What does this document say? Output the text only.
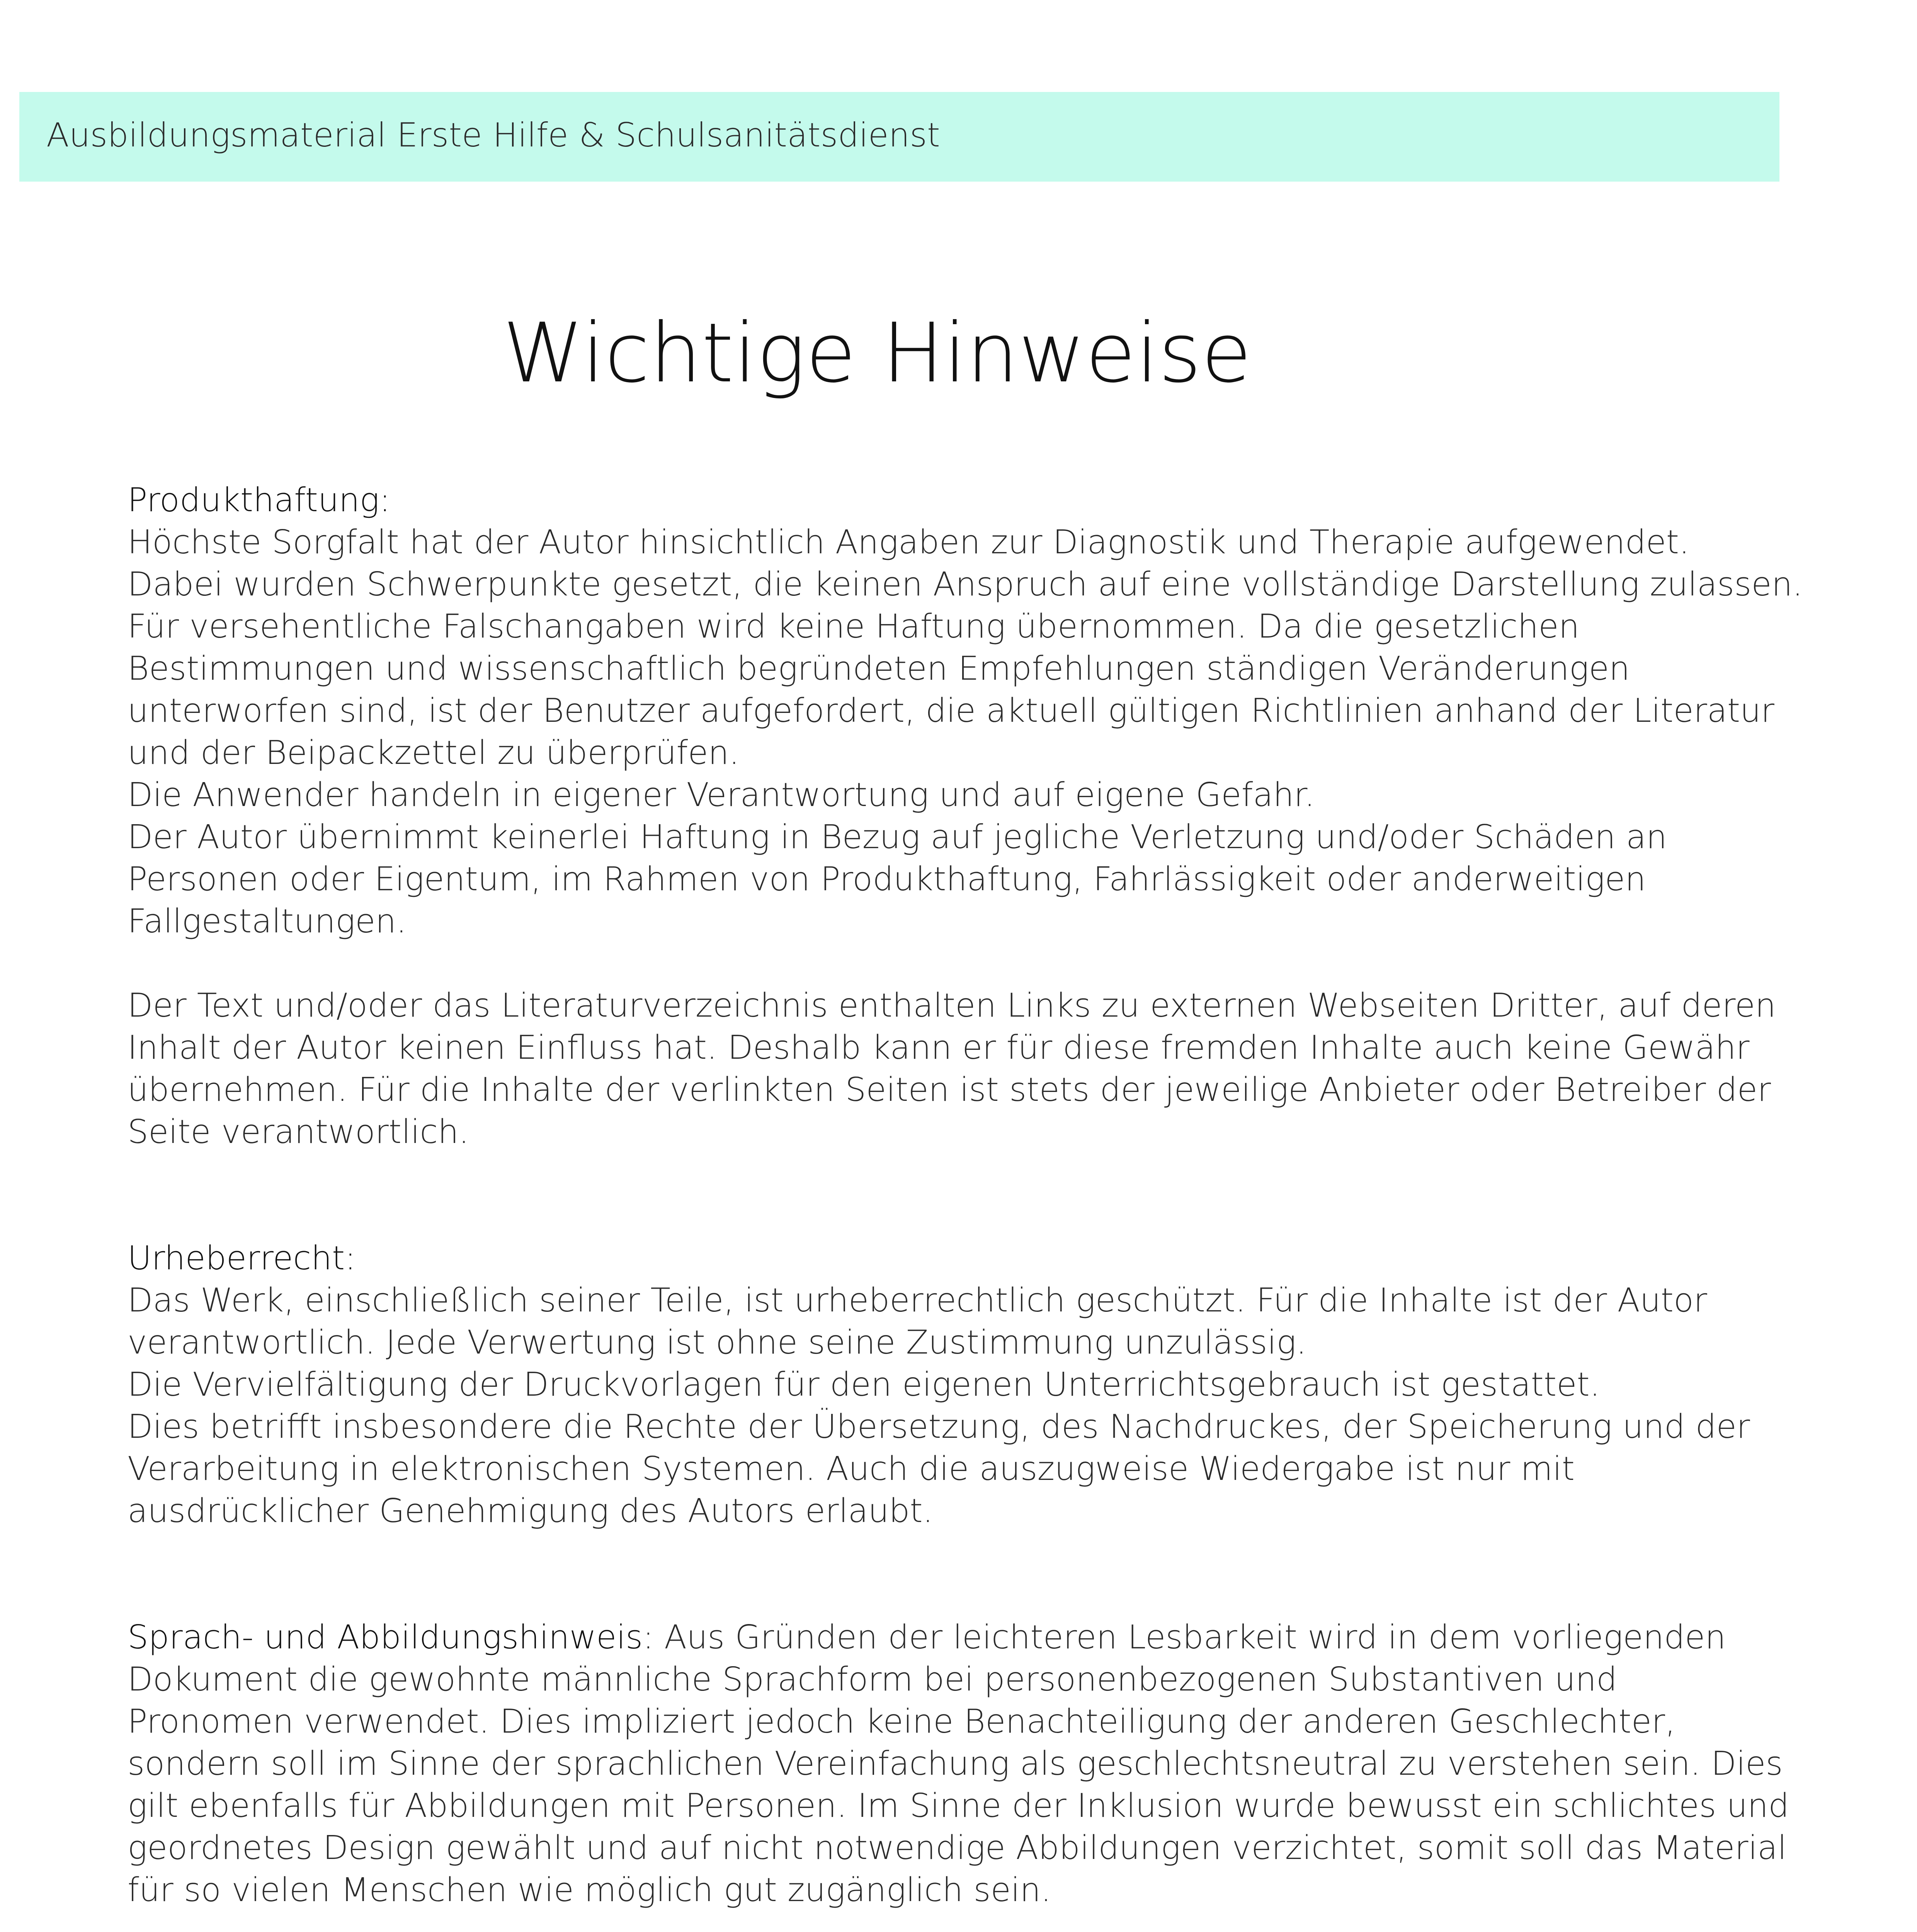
Ausbildungsmaterial Erste Hilfe & Schulsanitätsdienst
Wichtige Hinweise
Produkthaftung:
Höchste Sorgfalt hat der Autor hinsichtlich Angaben zur Diagnostik und Therapie aufgewendet.
Dabei wurden Schwerpunkte gesetzt, die keinen Anspruch auf eine vollständige Darstellung zulassen.
Für versehentliche Falschangaben wird keine Haftung übernommen. Da die gesetzlichen
Bestimmungen und wissenschaftlich begründeten Empfehlungen ständigen Veränderungen
unterworfen sind, ist der Benutzer aufgefordert, die aktuell gültigen Richtlinien anhand der Literatur
und der Beipackzettel zu überprüfen.
Die Anwender handeln in eigener Verantwortung und auf eigene Gefahr.
Der Autor übernimmt keinerlei Haftung in Bezug auf jegliche Verletzung und/oder Schäden an
Personen oder Eigentum, im Rahmen von Produkthaftung, Fahrlässigkeit oder anderweitigen
Fallgestaltungen.
Der Text und/oder das Literaturverzeichnis enthalten Links zu externen Webseiten Dritter, auf deren
Inhalt der Autor keinen Einfluss hat. Deshalb kann er für diese fremden Inhalte auch keine Gewähr
übernehmen. Für die Inhalte der verlinkten Seiten ist stets der jeweilige Anbieter oder Betreiber der
Seite verantwortlich.
Urheberrecht:
Das Werk, einschließlich seiner Teile, ist urheberrechtlich geschützt. Für die Inhalte ist der Autor
verantwortlich. Jede Verwertung ist ohne seine Zustimmung unzulässig.
Die Vervielfältigung der Druckvorlagen für den eigenen Unterrichtsgebrauch ist gestattet.
Dies betrifft insbesondere die Rechte der Übersetzung, des Nachdruckes, der Speicherung und der
Verarbeitung in elektronischen Systemen. Auch die auszugweise Wiedergabe ist nur mit
ausdrücklicher Genehmigung des Autors erlaubt.
Sprach- und Abbildungshinweis: Aus Gründen der leichteren Lesbarkeit wird in dem vorliegenden
Dokument die gewohnte männliche Sprachform bei personenbezogenen Substantiven und
Pronomen verwendet. Dies impliziert jedoch keine Benachteiligung der anderen Geschlechter,
sondern soll im Sinne der sprachlichen Vereinfachung als geschlechtsneutral zu verstehen sein. Dies
gilt ebenfalls für Abbildungen mit Personen. Im Sinne der Inklusion wurde bewusst ein schlichtes und
geordnetes Design gewählt und auf nicht notwendige Abbildungen verzichtet, somit soll das Material
für so vielen Menschen wie möglich gut zugänglich sein.
